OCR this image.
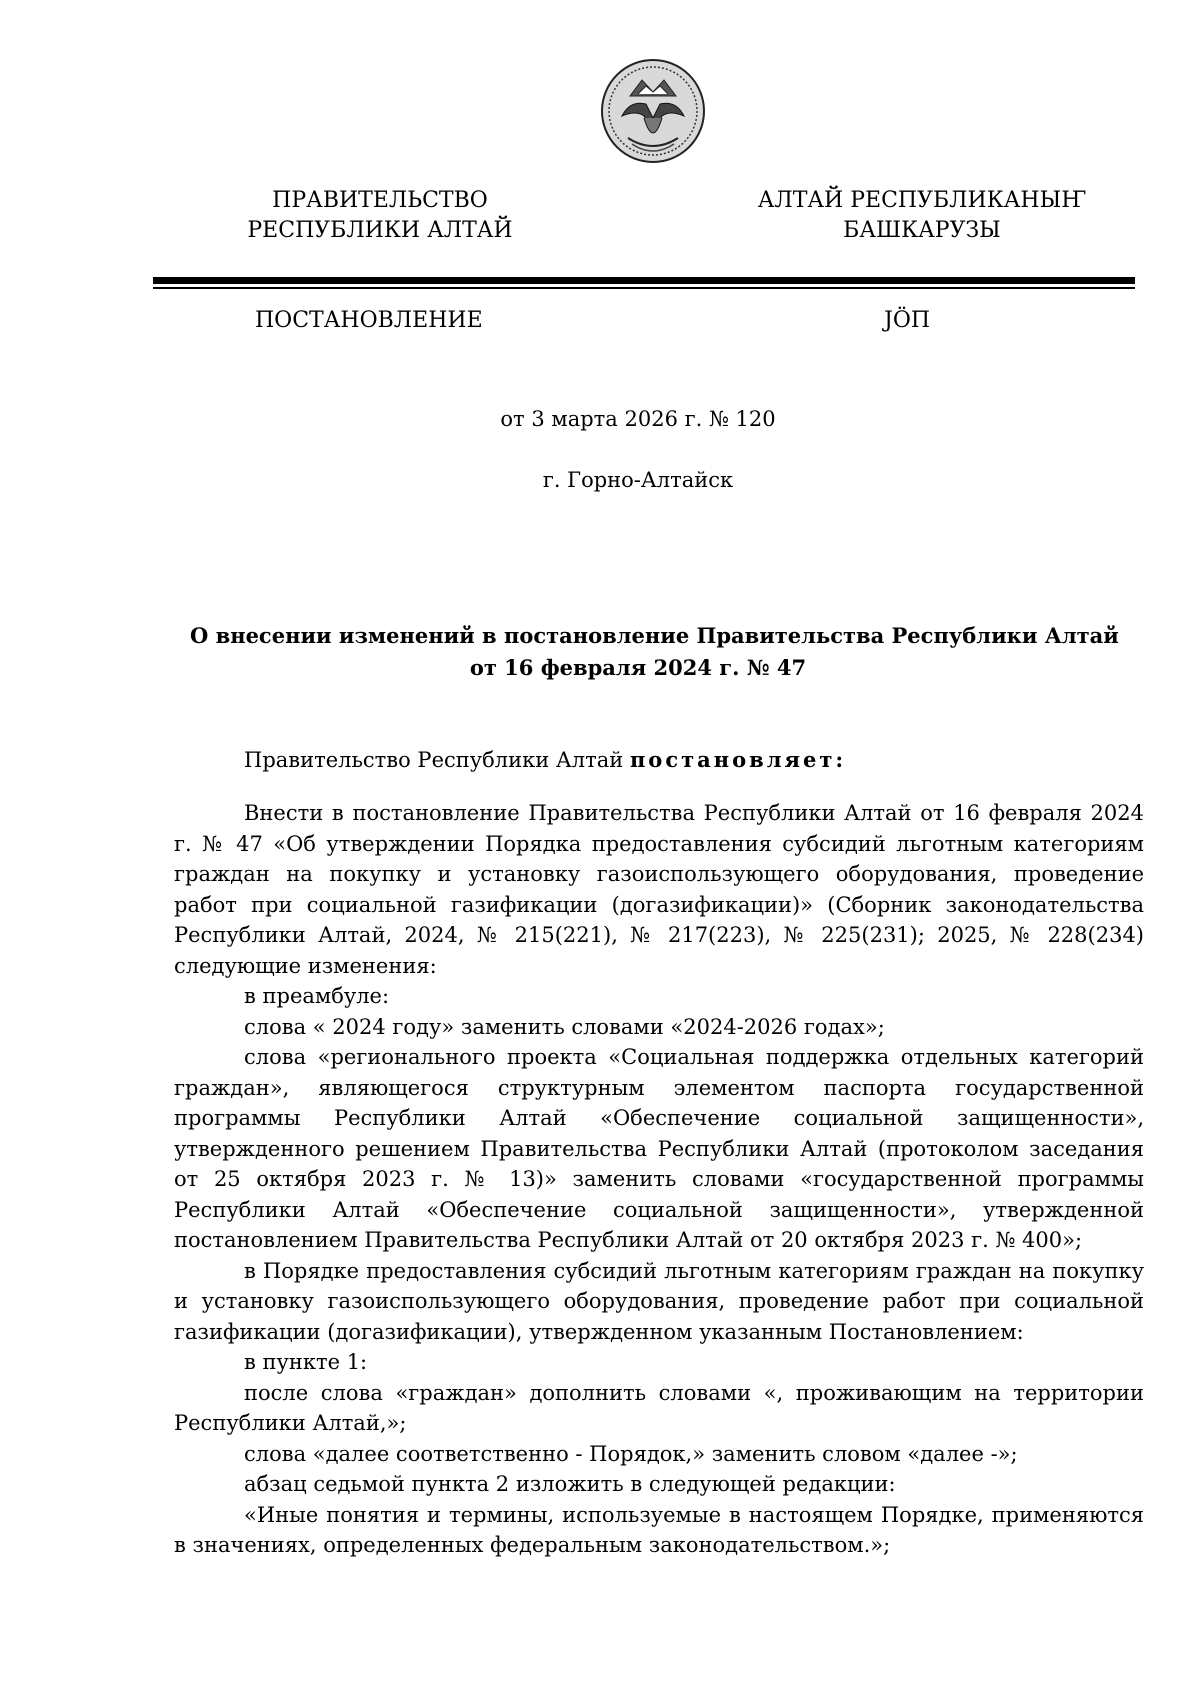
ПРАВИТЕЛЬСТВО
РЕСПУБЛИКИ АЛТАЙ
АЛТАЙ РЕСПУБЛИКАНЫҤ
БАШКАРУЗЫ
ПОСТАНОВЛЕНИЕ	ЈӦП
от 3 марта 2026 г. № 120
г. Горно-Алтайск
О внесении изменений в постановление Правительства Республики Алтай
от 16 февраля 2024 г. № 47
Правительство Республики Алтай постановляет:

Внести в постановление Правительства Республики Алтай от 16 февраля 2024 г. № 47 «Об утверждении Порядка предоставления субсидий льготным категориям граждан на покупку и установку газоиспользующего оборудования, проведение работ при социальной газификации (догазификации)» (Сборник законодательства Республики Алтай, 2024, № 215(221), № 217(223), № 225(231); 2025, № 228(234) следующие изменения:

в преамбуле:

слова « 2024 году» заменить словами «2024-2026 годах»;

слова «регионального проекта «Социальная поддержка отдельных категорий граждан», являющегося структурным элементом паспорта государственной программы Республики Алтай «Обеспечение социальной защищенности», утвержденного решением Правительства Республики Алтай (протоколом заседания от 25 октября 2023 г. № 13)» заменить словами «государственной программы Республики Алтай «Обеспечение социальной защищенности», утвержденной постановлением Правительства Республики Алтай от 20 октября 2023 г. № 400»;

в Порядке предоставления субсидий льготным категориям граждан на покупку и установку газоиспользующего оборудования, проведение работ при социальной газификации (догазификации), утвержденном указанным Постановлением:

в пункте 1:

после слова «граждан» дополнить словами «, проживающим на территории Республики Алтай,»;

слова «далее соответственно - Порядок,» заменить словом «далее -»;

абзац седьмой пункта 2 изложить в следующей редакции:

«Иные понятия и термины, используемые в настоящем Порядке, применяются в значениях, определенных федеральным законодательством.»;
